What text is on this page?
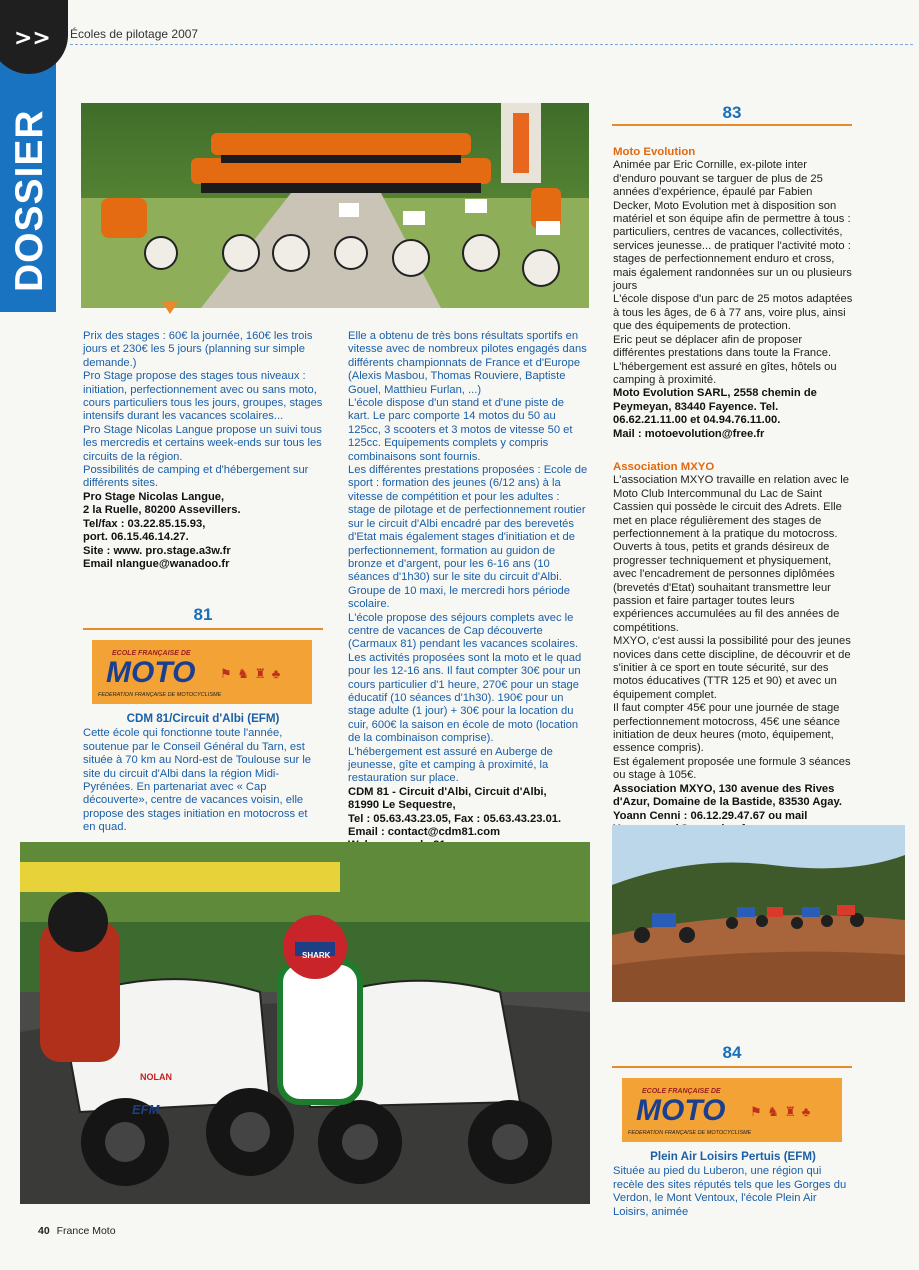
>>
DOSSIER
Écoles de pilotage 2007

Prix des stages : 60€ la journée, 160€ les trois jours et 230€ les 5 jours (planning sur simple demande.)

Pro Stage propose des stages tous niveaux : initiation, perfectionnement avec ou sans moto, cours particuliers tous les jours, groupes, stages intensifs durant les vacances scolaires...

Pro Stage Nicolas Langue propose un suivi tous les mercredis et certains week-ends sur tous les circuits de la région.

Possibilités de camping et d'hébergement sur différents sites.

Pro Stage Nicolas Langue,

2 la Ruelle, 80200 Assevillers.

Tel/fax : 03.22.85.15.93,

port. 06.15.46.14.27.

Site : www. pro.stage.a3w.fr

Email nlangue@wanadoo.fr

81
ECOLE FRANÇAISE DE
MOTO
FEDERATION FRANÇAISE DE MOTOCYCLISME
⚑ ♞ ♜ ♣

CDM 81/Circuit d'Albi (EFM)

Cette école qui fonctionne toute l'année, soutenue par le Conseil Général du Tarn, est située à 70 km au Nord-est de Toulouse sur le site du circuit d'Albi dans la région Midi-Pyrénées. En partenariat avec « Cap découverte», centre de vacances voisin, elle propose des stages initiation en motocross et en quad.

Elle a obtenu de très bons résultats sportifs en vitesse avec de nombreux pilotes engagés dans différents championnats de France et d'Europe (Alexis Masbou, Thomas Rouviere, Baptiste Gouel, Matthieu Furlan, ...)

L'école dispose d'un stand et d'une piste de kart. Le parc comporte 14 motos du 50 au 125cc, 3 scooters et 3 motos de vitesse 50 et 125cc. Equipements complets y compris combinaisons sont fournis.

Les différentes prestations proposées : Ecole de sport : formation des jeunes (6/12 ans) à la vitesse de compétition et pour les adultes : stage de pilotage et de perfectionnement routier sur le circuit d'Albi encadré par des bereveté​s d'Etat mais également stages d'initiation et de perfectionnement, formation au guidon de bronze et d'argent, pour les 6-16 ans (10 séances d'1h30) sur le site du circuit d'Albi. Groupe de 10 maxi, le mercredi hors période scolaire.

L'école propose des séjours complets avec le centre de vacances de Cap découverte (Carmaux 81) pendant les vacances scolaires. Les activités proposées sont la moto et le quad pour les 12-16 ans. Il faut compter 30€ pour un cours particulier d'1 heure, 270€ pour un stage éducatif (10 séances d'1h30). 190€ pour un stage adulte (1 jour) + 30€ pour la location du cuir, 600€ la saison en école de moto (location de la combinaison comprise).

L'hébergement est assuré en Auberge de jeunesse, gîte et camping à proximité, la restauration sur place.

CDM 81 - Circuit d'Albi, Circuit d'Albi,

81990 Le Sequestre,

Tel : 05.63.43.23.05, Fax : 05.63.43.23.01.

Email : contact@cdm81.com

NOLAN
EFM
SHARK
83

Moto Evolution

Animée par Eric Cornille, ex-pilote inter d'enduro pouvant se targuer de plus de 25 années d'expérience, épaulé par Fabien Decker, Moto Evolution met à disposition son matériel et son équipe afin de permettre à tous : particuliers, centres de vacances, collectivités, services jeunesse... de pratiquer l'activité moto : stages de perfectionnement enduro et cross, mais également randonnées sur un ou plusieurs jours

L'école dispose d'un parc de 25 motos adaptées à tous les âges, de 6 à 77 ans, voire plus, ainsi que des équipements de protection.

Eric peut se déplacer afin de proposer différentes prestations dans toute la France.

L'hébergement est assuré en gîtes, hôtels ou camping à proximité.

Moto Evolution SARL, 2558 chemin de Peymeyan, 83440 Fayence. Tel. 06.62.21.11.00 et 04.94.76.11.00.

Mail : motoevolution@free.fr

Association MXYO

L'association MXYO travaille en relation avec le Moto Club Intercommunal du Lac de Saint Cassien qui possède le circuit des Adrets. Elle met en place régulièrement des stages de perfectionnement à la pratique du motocross. Ouverts à tous, petits et grands désireux de progresser techniquement et physiquement, avec l'encadrement de personnes diplômées (brevetés d'Etat) souhaitant transmettre leur passion et faire partager toutes leurs expériences accumulées au fil des années de compétitions.

MXYO, c'est aussi la possibilité pour des jeunes novices dans cette discipline, de découvrir et de s'initier à ce sport en toute sécurité, sur des motos éducatives (TTR 125 et 90) et avec un équipement complet.

Il faut compter 45€ pour une journée de stage perfectionnement motocross, 45€ une séance initiation de deux heures (moto, équipement, essence compris).

Est également proposée une formule 3 séances ou stage à 105€.

Association MXYO, 130 avenue des Rives d'Azur, Domaine de la Bastide, 83530 Agay. Yoann Cenni : 06.12.29.47.67 ou mail

84
ECOLE FRANÇAISE DE
MOTO
FEDERATION FRANÇAISE DE MOTOCYCLISME
⚑ ♞ ♜ ♣

Plein Air Loisirs Pertuis (EFM)

Située au pied du Luberon, une région qui recèle des sites réputés tels que les Gorges du Verdon, le Mont Ventoux, l'école Plein Air Loisirs, animée

40 France Moto
